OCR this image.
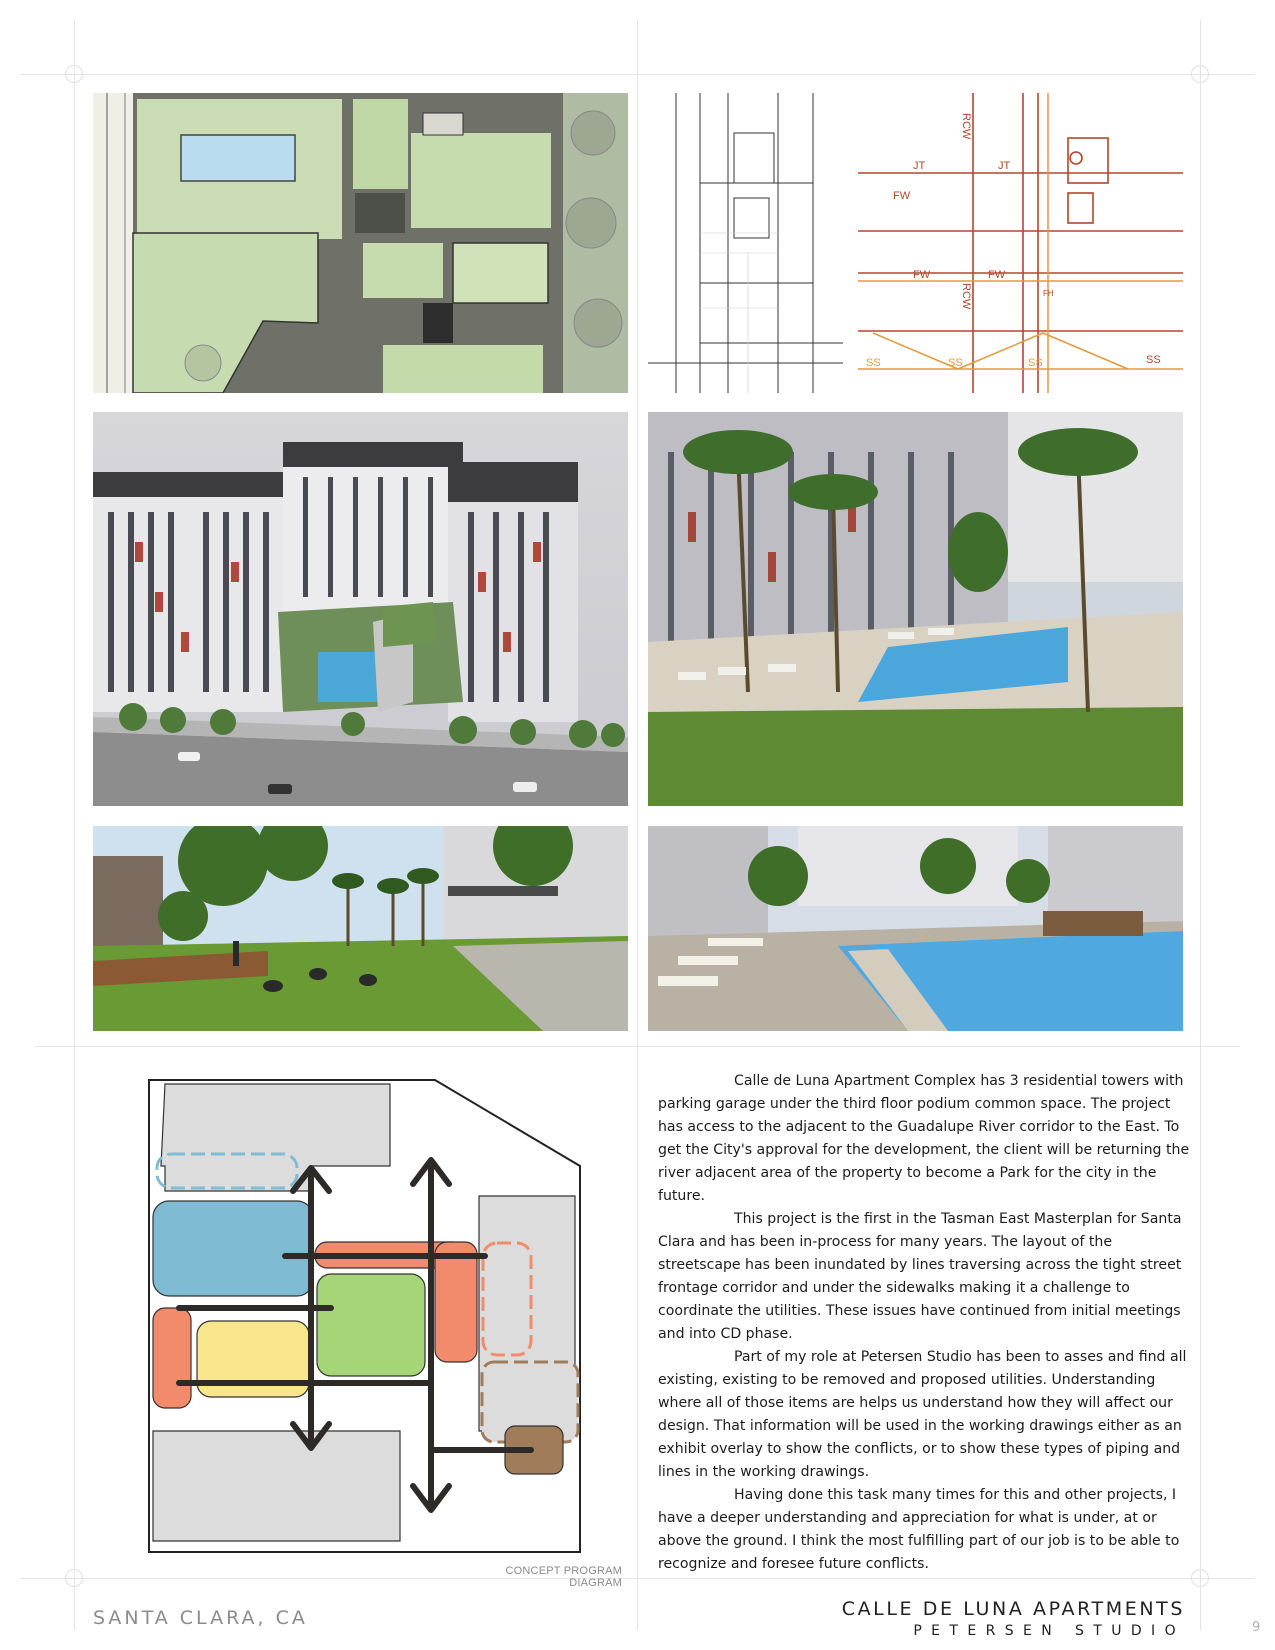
RCW
RCW
JT	JT
FW
FW	FW
FH
SS	SS	SS	SS
CONCEPT PROGRAM DIAGRAM

Calle de Luna Apartment Complex has 3 residential towers with parking garage under the third floor podium common space. The project has access to the adjacent to the Guadalupe River corridor to the East. To get the City's approval for the development, the client will be returning the river adjacent area of the property to become a Park for the city in the future.

This project is the first in the Tasman East Masterplan for Santa Clara and has been in-process for many years. The layout of the streetscape has been inundated by lines traversing across the tight street frontage corridor and under the sidewalks making it a challenge to coordinate the utilities. These issues have continued from initial meetings and into CD phase.

Part of my role at Petersen Studio has been to asses and find all existing, existing to be removed and proposed utilities. Understanding where all of those items are helps us understand how they will affect our design. That information will be used in the working drawings either as an exhibit overlay to show the conflicts, or to show these types of piping and lines in the working drawings.

Having done this task many times for this and other projects, I have a deeper understanding and appreciation for what is under, at or above the ground. I think the most fulfilling part of our job is to be able to recognize and foresee future conflicts.

SANTA CLARA, CA	CALLE DE LUNA APARTMENTS
PETERSEN STUDIO	9
